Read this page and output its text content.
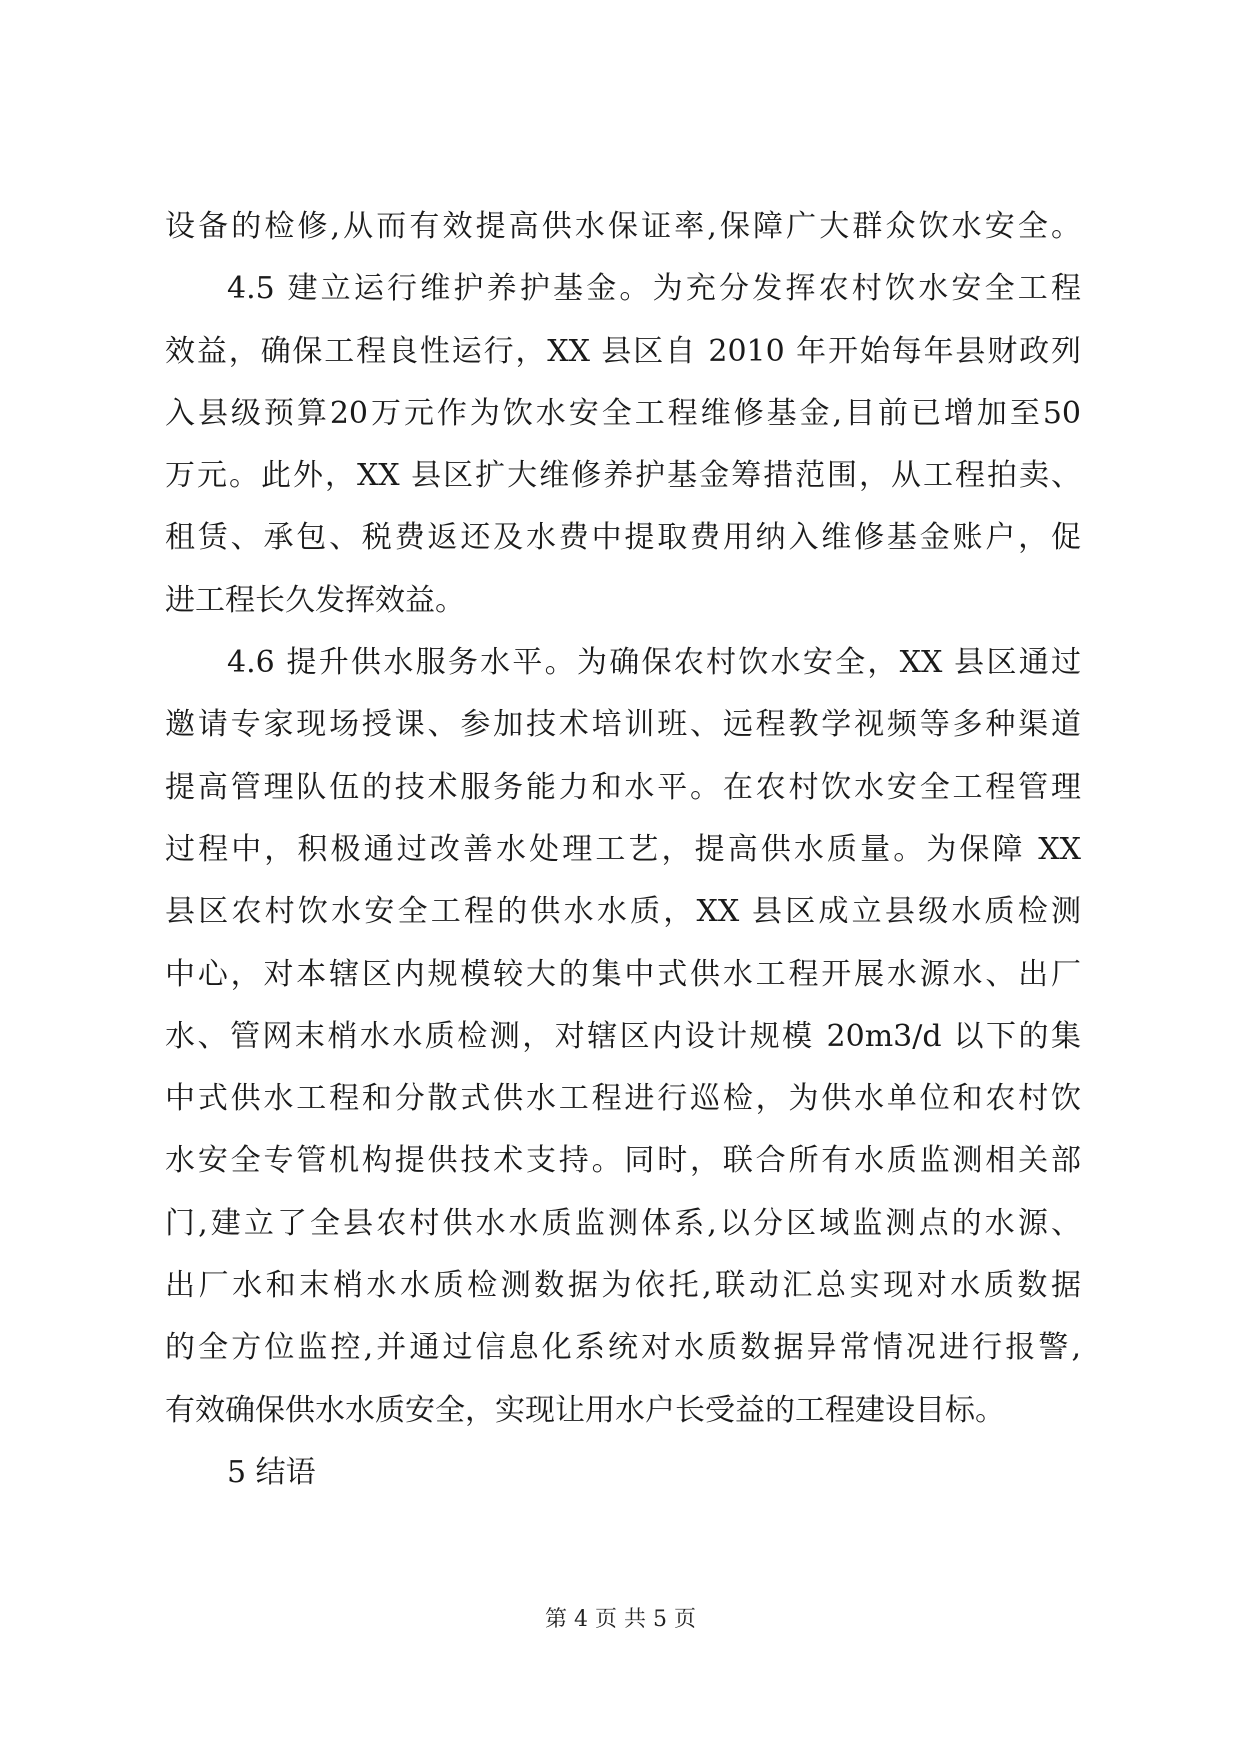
设备的检修,从而有效提高供水保证率,保障广大群众饮水安全。
4.5 建立运行维护养护基金。为充分发挥农村饮水安全工程
效益，确保工程良性运行，XX 县区自 2010 年开始每年县财政列
入县级预算20万元作为饮水安全工程维修基金,目前已增加至50
万元。此外，XX 县区扩大维修养护基金筹措范围，从工程拍卖、
租赁、承包、税费返还及水费中提取费用纳入维修基金账户，促
进工程长久发挥效益。
4.6 提升供水服务水平。为确保农村饮水安全，XX 县区通过
邀请专家现场授课、参加技术培训班、远程教学视频等多种渠道
提高管理队伍的技术服务能力和水平。在农村饮水安全工程管理
过程中，积极通过改善水处理工艺，提高供水质量。为保障 XX
县区农村饮水安全工程的供水水质，XX 县区成立县级水质检测
中心，对本辖区内规模较大的集中式供水工程开展水源水、出厂
水、管网末梢水水质检测，对辖区内设计规模 20m3/d 以下的集
中式供水工程和分散式供水工程进行巡检，为供水单位和农村饮
水安全专管机构提供技术支持。同时，联合所有水质监测相关部
门,建立了全县农村供水水质监测体系,以分区域监测点的水源、
出厂水和末梢水水质检测数据为依托,联动汇总实现对水质数据
的全方位监控,并通过信息化系统对水质数据异常情况进行报警,
有效确保供水水质安全，实现让用水户长受益的工程建设目标。
5 结语
第 4 页 共 5 页
